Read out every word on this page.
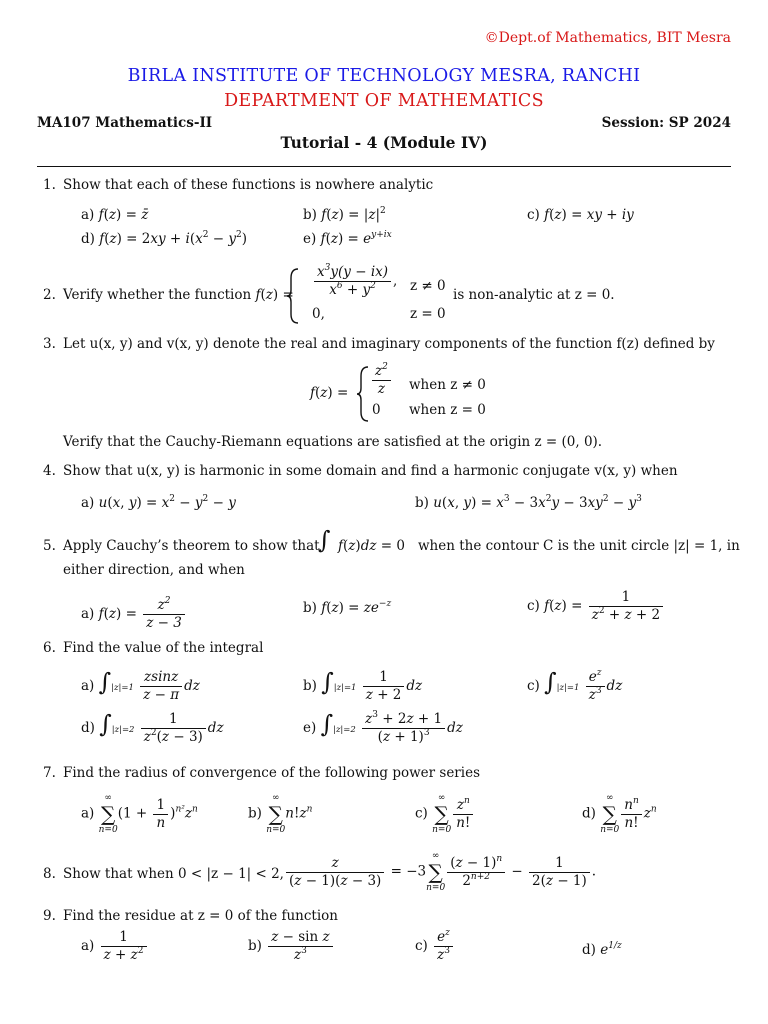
©Dept.of Mathematics, BIT Mesra
BIRLA INSTITUTE OF TECHNOLOGY MESRA, RANCHI
DEPARTMENT OF MATHEMATICS
MA107 Mathematics-II	Session: SP 2024
Tutorial - 4 (Module IV)
1. Show that each of these functions is nowhere analytic
a) f(z) = z̄	b) $f(z) = |z|^2$	c) f(z) = xy + iy
d) $f(z) = 2xy + i(x^2 - y^2)$	e) $f(z) = e^{y+ix}$
2. Verify whether the function $f(z) = \frac{x^3y(y - ix)}{x^6 + y^2}$ , z ≠ 0
0,	z = 0
is non-analytic at z = 0.
3. Let u(x, y) and v(x, y) denote the real and imaginary components of the function f(z) defined by
$f(z) = \frac{z^2}{z}$ when z ≠ 0
0 when z = 0
Verify that the Cauchy-Riemann equations are satisfied at the origin z = (0, 0).
4. Show that u(x, y) is harmonic in some domain and find a harmonic conjugate v(x, y) when
a) u(x, $y) = x^2 - y^2 - y$	b) u(x, $y) = x^3 - 3x^2y - 3xy^2 - y^3$
5. Apply Cauchy’s theorem to show that
∫ f(z)dz = 0 when the contour C is the unit circle |z| = 1, in
either direction, and when
a) $f(z) = \frac{z^2}{z - 3}$	b) $f(z) = ze^{-z}$	c) $f(z) = \frac{1}{z^2 + z + 2}$
6. Find the value of the integral
a) $\int|z|=1 \frac{zsinz}{z - \pi}$ dz	b) $\int|z|=1 \frac{1}{z + 2}$ dz	c) $\int|z|=1 \frac{e^z}{z^3}$ dz
d) $\int|z|=2 \frac{1}{z^2(z - 3)}$ dz	e) $\int|z|=2 \frac{z^3 + 2z + 1}{(z + 1)^3}$ dz
7. Find the radius of convergence of the following power series
a)
∞
∑
n=0
$(1 + \frac{1}{n} )^{n^2}z^n$	b)
∞
∑
n=0
$n!z^n$	c)
∞
∑
$n=0 \frac{z^n}{n!}$	d)
∞
∑
$n=0 \frac{n^n}{n!} z^n$
8. Show that when 0 < |z − 1| < 2, $\frac{z}{(z - 1)(z - 3)} = -3$
∞
∑
$n=0 \frac{(z - 1)^n}{2^{n+2}} - \frac{1}{2(z - 1)}$ .
9. Find the residue at z = 0 of the function
$a) \frac{1}{z + z^2}$	$b) \frac{\text{z − sin z}}{z^3}$	$c) \frac{e^z}{z^3}$	d) $e^{1/z}$
